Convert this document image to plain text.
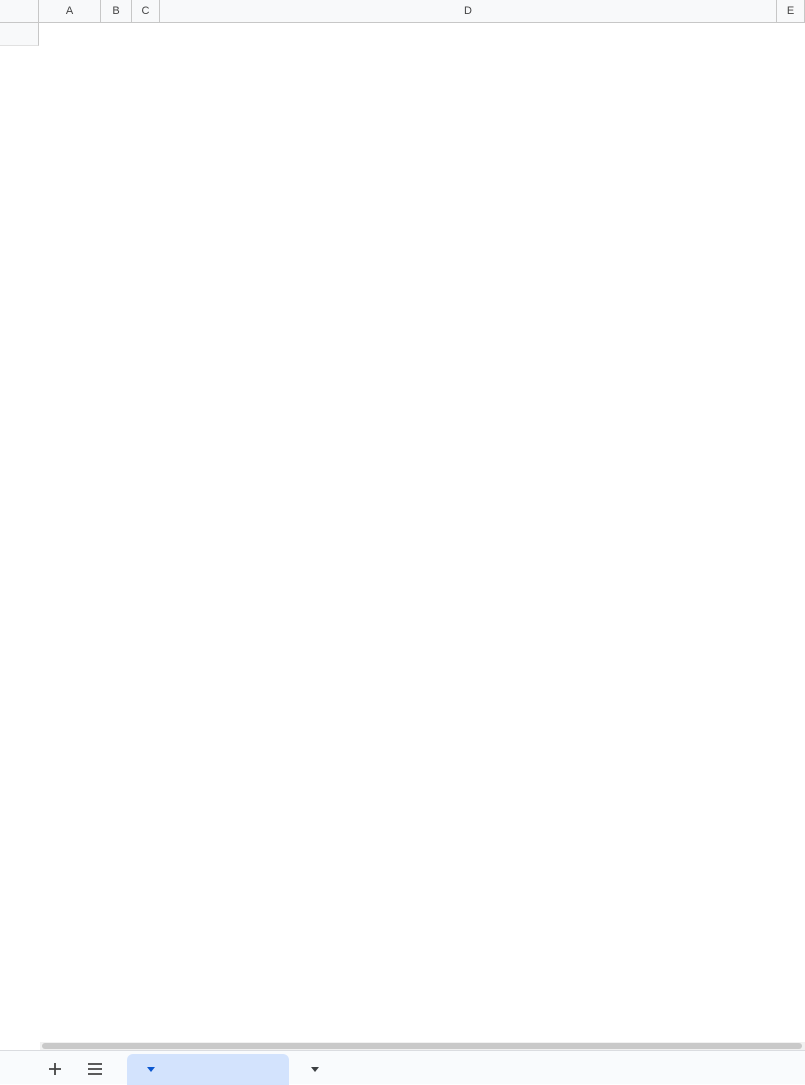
A	B	C	D	E
